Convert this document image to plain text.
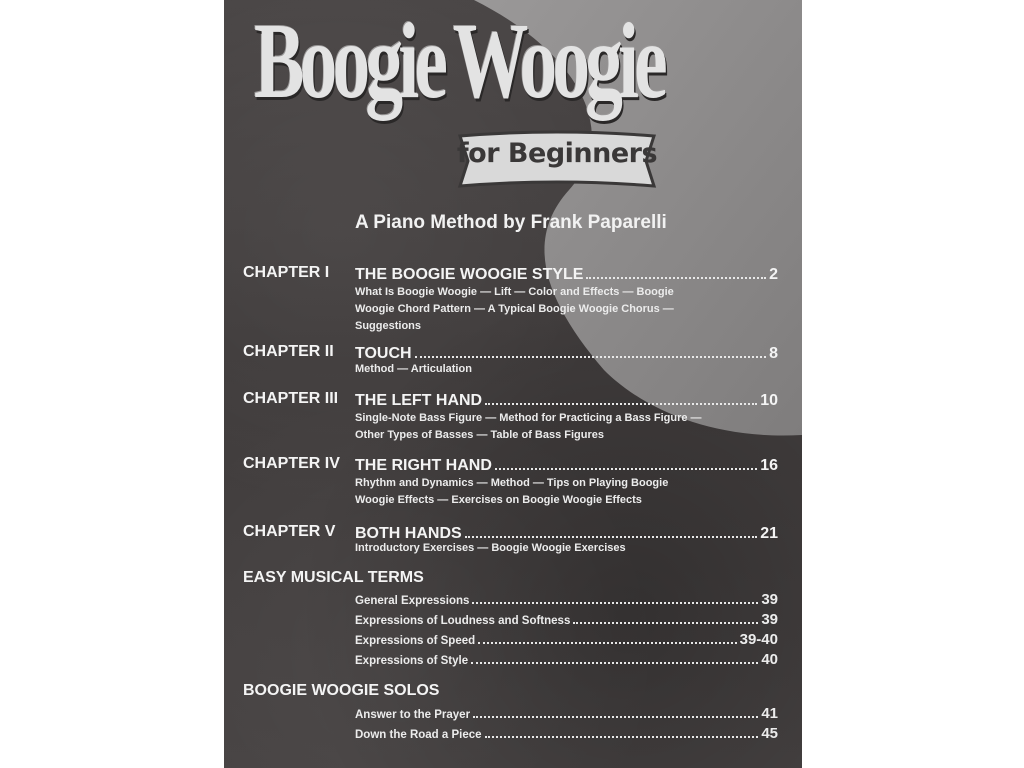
BoogieWoogie
for Beginners
A Piano Method by Frank Paparelli
CHAPTER I THE BOOGIE WOOGIE STYLE	2
What Is Boogie Woogie — Lift — Color and Effects — Boogie
Woogie Chord Pattern — A Typical Boogie Woogie Chorus —
Suggestions
CHAPTER II TOUCH	8
Method — Articulation
CHAPTER III THE LEFT HAND	10
Single-Note Bass Figure — Method for Practicing a Bass Figure —
Other Types of Basses — Table of Bass Figures
CHAPTER IV THE RIGHT HAND	16
Rhythm and Dynamics — Method — Tips on Playing Boogie
Woogie Effects — Exercises on Boogie Woogie Effects
CHAPTER V BOTH HANDS	21
Introductory Exercises — Boogie Woogie Exercises
EASY MUSICAL TERMS
General Expressions	39
Expressions of Loudness and Softness	39
Expressions of Speed	39-40
Expressions of Style	40
BOOGIE WOOGIE SOLOS
Answer to the Prayer	41
Down the Road a Piece	45
